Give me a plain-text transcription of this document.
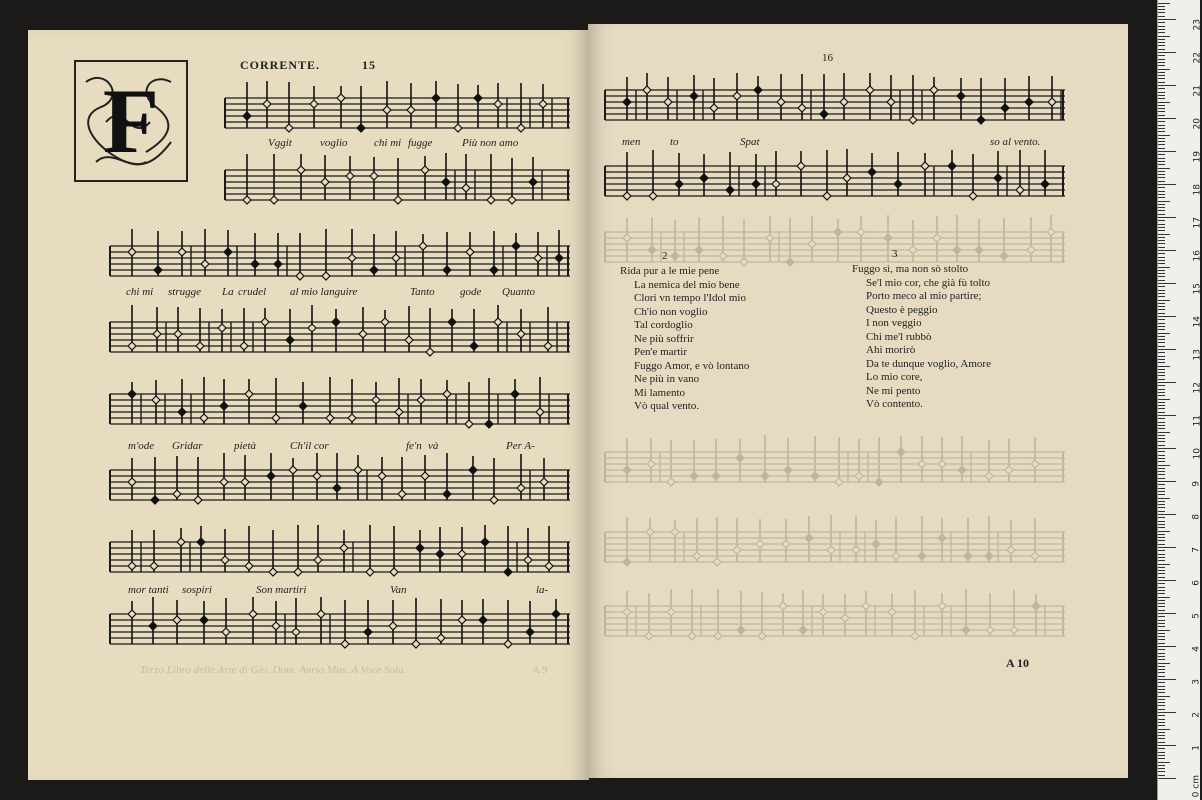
CORRENTE.	15
F	Vggit	voglio chi mi fugge	Più non amo
chi mi strugge La crudel al mio languire	Tanto gode Quanto
m'ode Gridar	pietà	Ch'il cor	fe'n và	Per A-
mor tanti sospiri	Son martiri	Van	la-
Terzo Libro delle Arie di Gio. Dom. Anrio Mus. A Voce Sola.	A 9
16
men	to	Spat	so al vento.
2	3
Rida pur a le mie pene
La nemica del mio bene
Clori vn tempo l'Idol mio
Ch'io non voglio
Tal cordoglio
Ne più soffrir
Pen'e martir
Fuggo Amor, e vò lontano
Ne più in vano
Mi lamento
Vò qual vento.
Fuggo sì, ma non sò stolto
Se'l mio cor, che già fù tolto
Porto meco al mio partire;
Questo è peggio
I non veggio
Chi me'l rubbò
Ahi morirò
Da te dunque voglio, Amore
Lo mio core,
Ne mi pento
Vò contento.
A 10
1
2
3
4
5
6
7
8
9
10
11
12
13
14
15
16
17
18
19
20
21
22
23
0 cm
